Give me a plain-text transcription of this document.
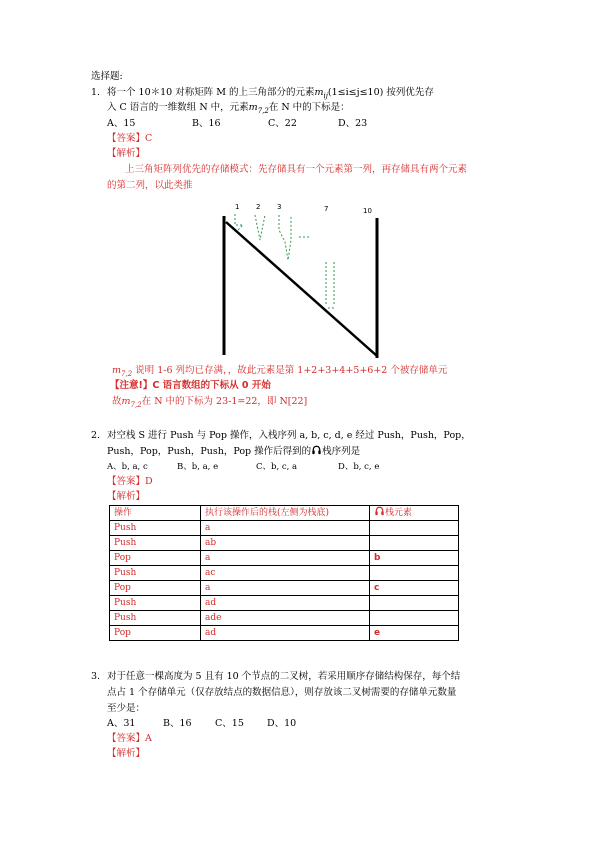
选择题:
1. 将一个 10＊10 对称矩阵 M 的上三角部分的元素$m_{ij}(1\le i\le j\le 10)$ 按列优先存
入 C 语言的一维数组 N 中，元素$m_{7,2}$在 N 中的下标是：
A、15	B、16	C、22	D、23
【答案】C
【解析】
上三角矩阵列优先的存储模式：先存储具有一个元素第一列，再存储具有两个元素
的第二列，以此类推
1 2 3	7	10
$m_{7,2}$ 说明 1-6 列均已存满，，故此元素是第 1+2+3+4+5+6+2 个被存储单元
【注意!】C 语言数组的下标从 0 开始
故$m_{7,2}$在 N 中的下标为 23-1=22，即 N[22]
2. 对空栈 S 进行 Push 与 Pop 操作，入栈序列 a, b, c, d, e 经过 Push，Push，Pop，
Push，Pop，Push，Push，Pop 操作后得到的 栈序列是
A、b, a, c	B、b, a, e	C、b, c, a	D、b, c, e
【答案】D
【解析】
操作	执行该操作后的栈(左侧为栈底)	栈元素
Push	a	
Push	ab	
Pop	a	b
Push	ac	
Pop	a	c
Push	ad	
Push	ade	
Pop	ad	e
3. 对于任意一棵高度为 5 且有 10 个节点的二叉树，若采用顺序存储结构保存，每个结
点占 1 个存储单元（仅存放结点的数据信息），则存放该二叉树需要的存储单元数量
至少是：
A、31	B、16 C、15 D、10
【答案】A
【解析】
